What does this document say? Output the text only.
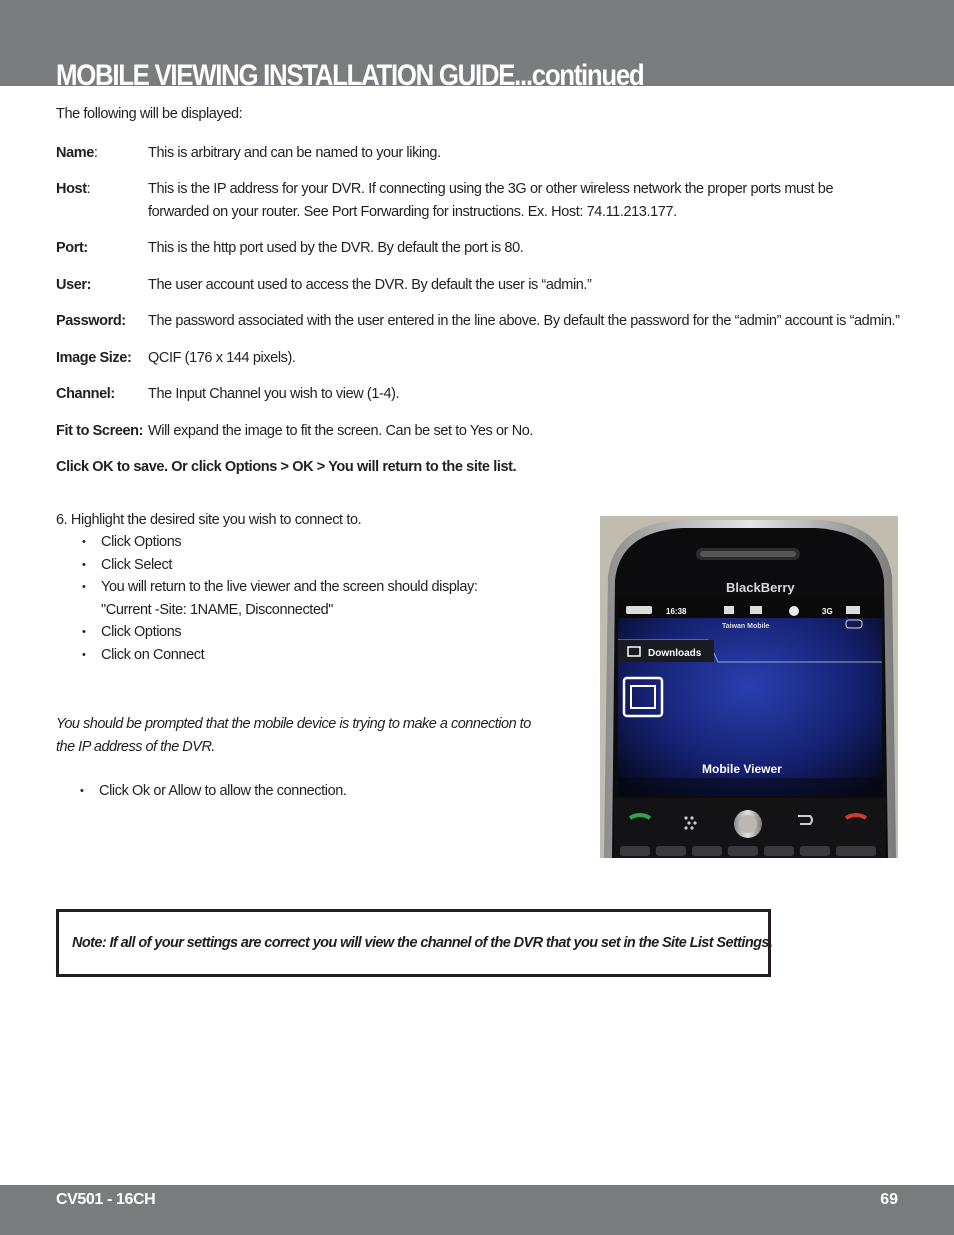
MOBILE VIEWING INSTALLATION GUIDE...continued
The following will be displayed:
Name:	This is arbitrary and can be named to your liking.
Host:	This is the IP address for your DVR. If connecting using the 3G or other wireless network the proper ports must be forwarded on your router. See Port Forwarding for instructions. Ex. Host: 74.11.213.177.
Port:	This is the http port used by the DVR. By default the port is 80.
User:	The user account used to access the DVR. By default the user is “admin.”
Password: The password associated with the user entered in the line above. By default the password for the “admin” account is “admin.”
Image Size: QCIF (176 x 144 pixels).
Channel: The Input Channel you wish to view (1-4).
Fit to Screen: Will expand the image to fit the screen. Can be set to Yes or No.
Click OK to save. Or click Options > OK > You will return to the site list.
6. Highlight the desired site you wish to connect to.
• Click Options
• Click Select
• You will return to the live viewer and the screen should display: "Current -Site: 1NAME, Disconnected"
• Click Options
• Click on Connect
You should be prompted that the mobile device is trying to make a connection to the IP address of the DVR.
• Click Ok or Allow to allow the connection.
BlackBerry
16:38
Taiwan Mobile
3G
Downloads
Mobile Viewer
Note: If all of your settings are correct you will view the channel of the DVR that you set in the Site List Settings.
CV501 - 16CH	69
